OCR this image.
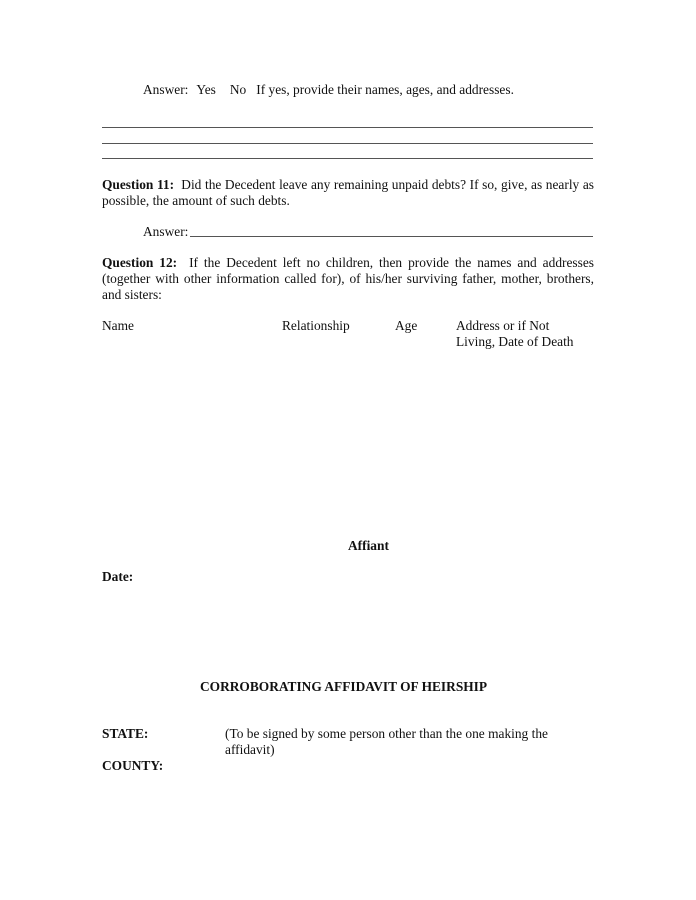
Answer: Yes No If yes, provide their names, ages, and addresses.
Question 11: Did the Decedent leave any remaining unpaid debts? If so, give, as nearly as possible, the amount of such debts.
Answer:
Question 12: If the Decedent left no children, then provide the names and addresses (together with other information called for), of his/her surviving father, mother, brothers, and sisters:
Name	Relationship	Age	Address or if Not
Living, Date of Death
Affiant
Date:
CORROBORATING AFFIDAVIT OF HEIRSHIP
STATE:	(To be signed by some person other than the one making the
affidavit)
COUNTY:
